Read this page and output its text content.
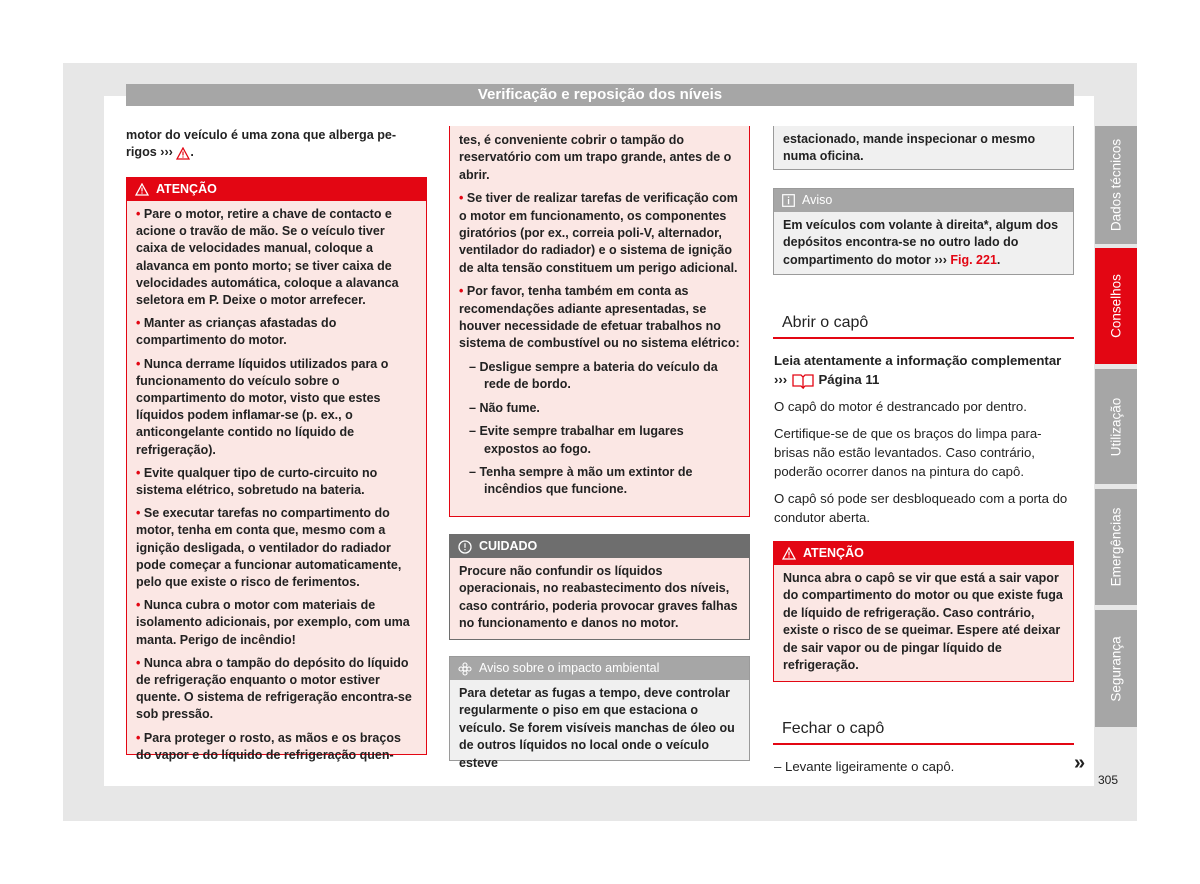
Verificação e reposição dos níveis
motor do veículo é uma zona que alberga pe-
rigos ››› .
ATENÇÃO

• Pare o motor, retire a chave de contacto e acione o travão de mão. Se o veículo tiver caixa de velocidades manual, coloque a alavanca em ponto morto; se tiver caixa de velocidades automática, coloque a alavanca seletora em P. Deixe o motor arrefecer.

• Manter as crianças afastadas do compartimento do motor.

• Nunca derrame líquidos utilizados para o funcionamento do veículo sobre o compartimento do motor, visto que estes líquidos podem inflamar-se (p. ex., o anticongelante contido no líquido de refrigeração).

• Evite qualquer tipo de curto-circuito no sistema elétrico, sobretudo na bateria.

• Se executar tarefas no compartimento do motor, tenha em conta que, mesmo com a ignição desligada, o ventilador do radiador pode começar a funcionar automaticamente, pelo que existe o risco de ferimentos.

• Nunca cubra o motor com materiais de isolamento adicionais, por exemplo, com uma manta. Perigo de incêndio!

• Nunca abra o tampão do depósito do líquido de refrigeração enquanto o motor estiver quente. O sistema de refrigeração encontra-se sob pressão.

• Para proteger o rosto, as mãos e os braços do vapor e do líquido de refrigeração quen-

tes, é conveniente cobrir o tampão do reservatório com um trapo grande, antes de o abrir.

• Se tiver de realizar tarefas de verificação com o motor em funcionamento, os componentes giratórios (por ex., correia poli-V, alternador, ventilador do radiador) e o sistema de ignição de alta tensão constituem um perigo adicional.

• Por favor, tenha também em conta as recomendações adiante apresentadas, se houver necessidade de efetuar trabalhos no sistema de combustível ou no sistema elétrico:

– Desligue sempre a bateria do veículo da rede de bordo.

– Não fume.

– Evite sempre trabalhar em lugares expostos ao fogo.

– Tenha sempre à mão um extintor de incêndios que funcione.

CUIDADO
Procure não confundir os líquidos operacionais, no reabastecimento dos níveis, caso contrário, poderia provocar graves falhas no funcionamento e danos no motor.
Aviso sobre o impacto ambiental
Para detetar as fugas a tempo, deve controlar regularmente o piso em que estaciona o veículo. Se forem visíveis manchas de óleo ou de outros líquidos no local onde o veículo esteve
estacionado, mande inspecionar o mesmo numa oficina.
Aviso
Em veículos com volante à direita*, algum dos depósitos encontra-se no outro lado do compartimento do motor ››› Fig. 221.
Abrir o capô

Leia atentamente a informação complementar ›››  Página 11

O capô do motor é destrancado por dentro.

Certifique-se de que os braços do limpa para-brisas não estão levantados. Caso contrário, poderão ocorrer danos na pintura do capô.

O capô só pode ser desbloqueado com a porta do condutor aberta.

ATENÇÃO
Nunca abra o capô se vir que está a sair vapor do compartimento do motor ou que existe fuga de líquido de refrigeração. Caso contrário, existe o risco de se queimar. Espere até deixar de sair vapor ou de pingar líquido de refrigeração.
Fechar o capô
– Levante ligeiramente o capô.	»
Dados técnicos
Conselhos
Utilização
Emergências
Segurança
305
